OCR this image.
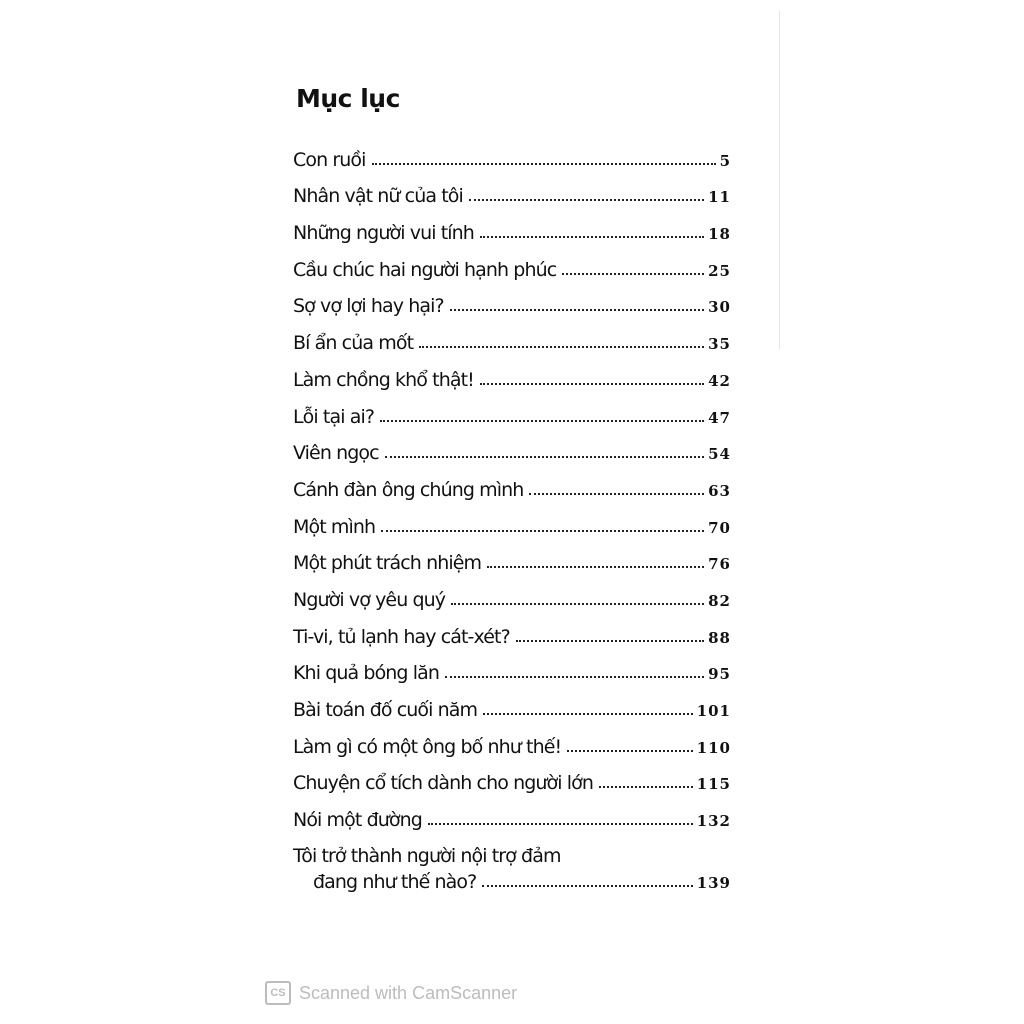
Mục lục
Con ruồi	5
Nhân vật nữ của tôi	11
Những người vui tính	18
Cầu chúc hai người hạnh phúc	25
Sợ vợ lợi hay hại?	30
Bí ẩn của mốt	35
Làm chồng khổ thật!	42
Lỗi tại ai?	47
Viên ngọc	54
Cánh đàn ông chúng mình	63
Một mình	70
Một phút trách nhiệm	76
Người vợ yêu quý	82
Ti-vi, tủ lạnh hay cát-xét?	88
Khi quả bóng lăn	95
Bài toán đố cuối năm	101
Làm gì có một ông bố như thế!	110
Chuyện cổ tích dành cho người lớn	115
Nói một đường	132
Tôi trở thành người nội trợ đảm
đang như thế nào?	139
CS Scanned with CamScanner
